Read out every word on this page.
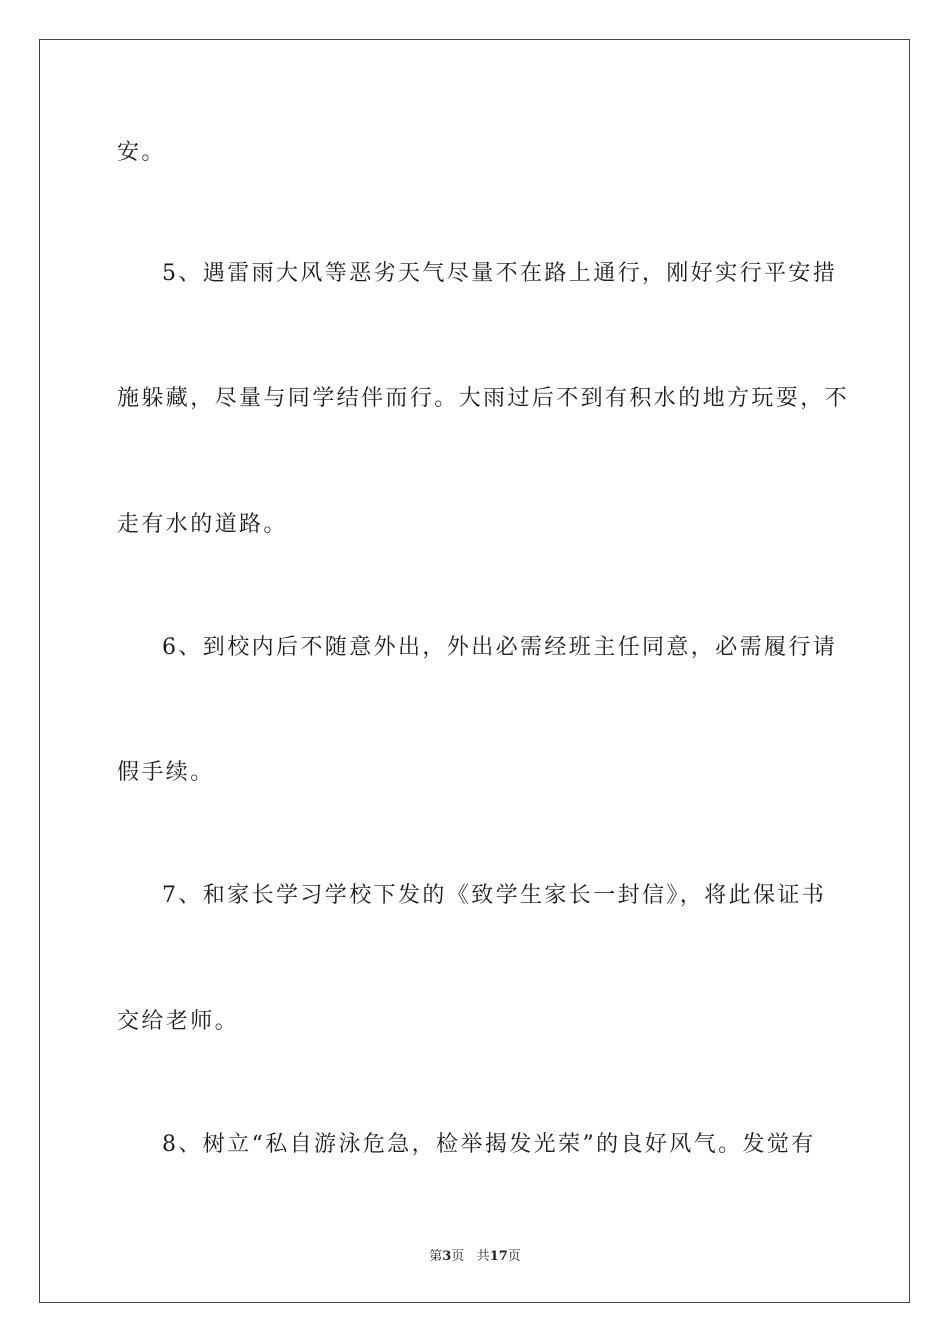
安。
5、遇雷雨大风等恶劣天气尽量不在路上通行，刚好实行平安措
施躲藏，尽量与同学结伴而行。大雨过后不到有积水的地方玩耍，不
走有水的道路。
6、到校内后不随意外出，外出必需经班主任同意，必需履行请
假手续。
7、和家长学习学校下发的《致学生家长一封信》，将此保证书
交给老师。
8、树立“私自游泳危急，检举揭发光荣”的良好风气。发觉有
第3页 共17页
